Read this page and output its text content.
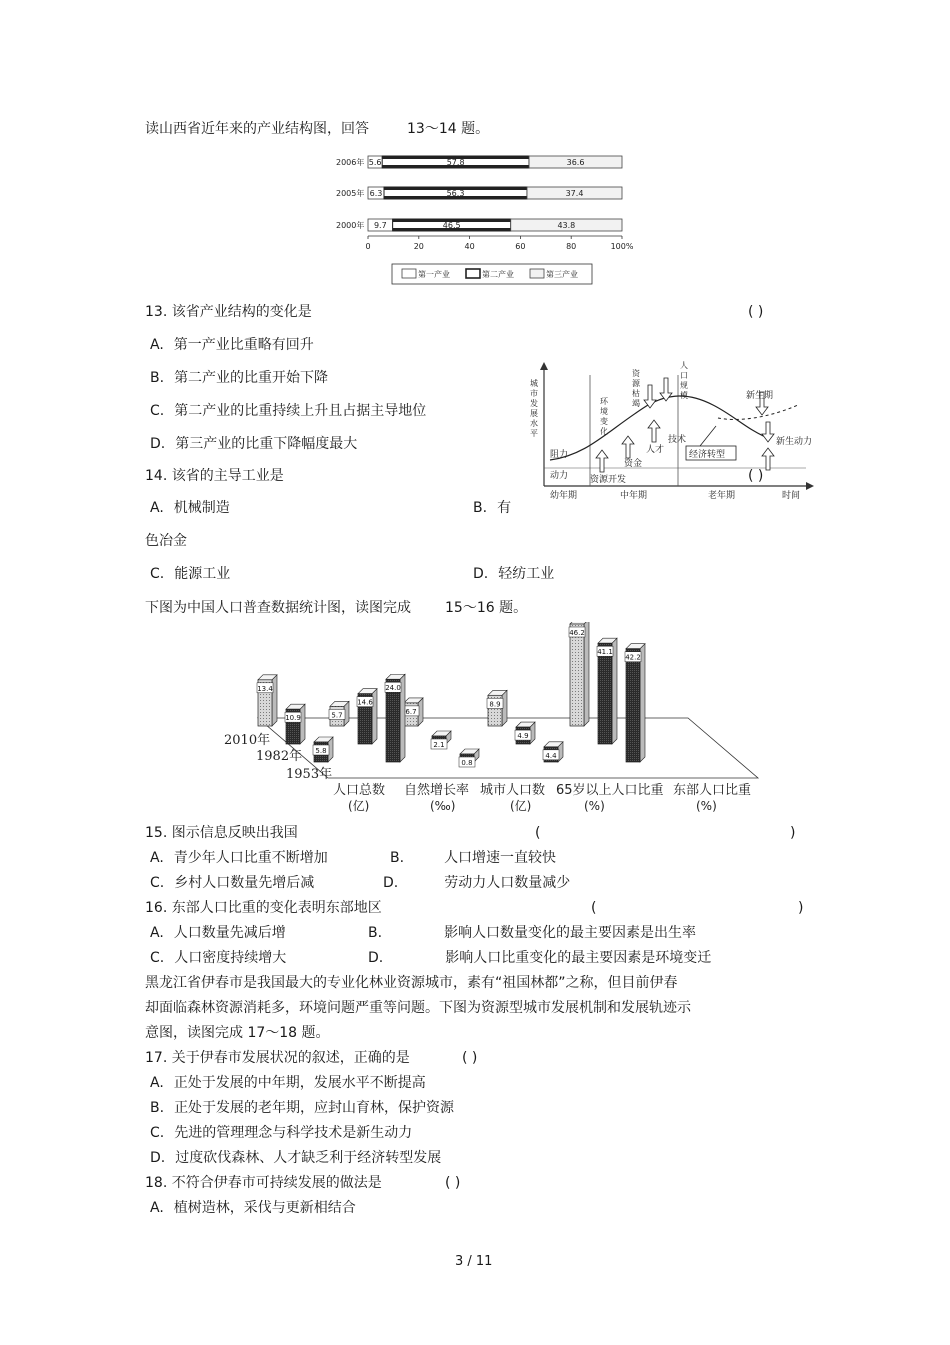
读山西省近年来的产业结构图，回答	13～14 题。
2006年 5.6	57.8	36.6
2005年 6.3	56.3	37.4
2000年 9.7	46.5	43.8
0	20	40	60	80	100%
第一产业	第二产业	第三产业
13. 该省产业结构的变化是	( )
A. 第一产业比重略有回升
B. 第二产业的比重开始下降
C. 第二产业的比重持续上升且占据主导地位
D. 第三产业的比重下降幅度最大
14. 该省的主导工业是	( )
A. 机械制造	B. 有
色冶金
C. 能源工业	D. 轻纺工业
城市发展水平
阻力
动力 资源开发
环境变化
资源枯竭
人口规模
资金
人才
技术
经济转型
新生期
新生动力
幼年期	中年期	老年期	时间
下图为中国人口普查数据统计图，读图完成 15～16 题。
2010年
1982年
1953年
13.4
5.7	6.7
8.9
46.2
10.9
14.6
2.1
4.9
41.1
5.8
24.0
0.8
4.4
42.2
人口总数
(亿)
自然增长率
(‰)
城市人口数
(亿)
65岁以上人口比重
(%)
东部人口比重
(%)
15. 图示信息反映出我国	(	)
A. 青少年人口比重不断增加	B.	人口增速一直较快
C. 乡村人口数量先增后减	D.	劳动力人口数量减少
16. 东部人口比重的变化表明东部地区	(	)
A. 人口数量先减后增	B.	影响人口数量变化的最主要因素是出生率
C. 人口密度持续增大	D.	影响人口比重变化的最主要因素是环境变迁
黑龙江省伊春市是我国最大的专业化林业资源城市，素有“祖国林都”之称，但目前伊春
却面临森林资源消耗多，环境问题严重等问题。下图为资源型城市发展机制和发展轨迹示
意图，读图完成 17～18 题。
17. 关于伊春市发展状况的叙述，正确的是	( )
A. 正处于发展的中年期，发展水平不断提高
B. 正处于发展的老年期，应封山育林，保护资源
C. 先进的管理理念与科学技术是新生动力
D. 过度砍伐森林、人才缺乏利于经济转型发展
18. 不符合伊春市可持续发展的做法是	( )
A. 植树造林，采伐与更新相结合
3 / 11
